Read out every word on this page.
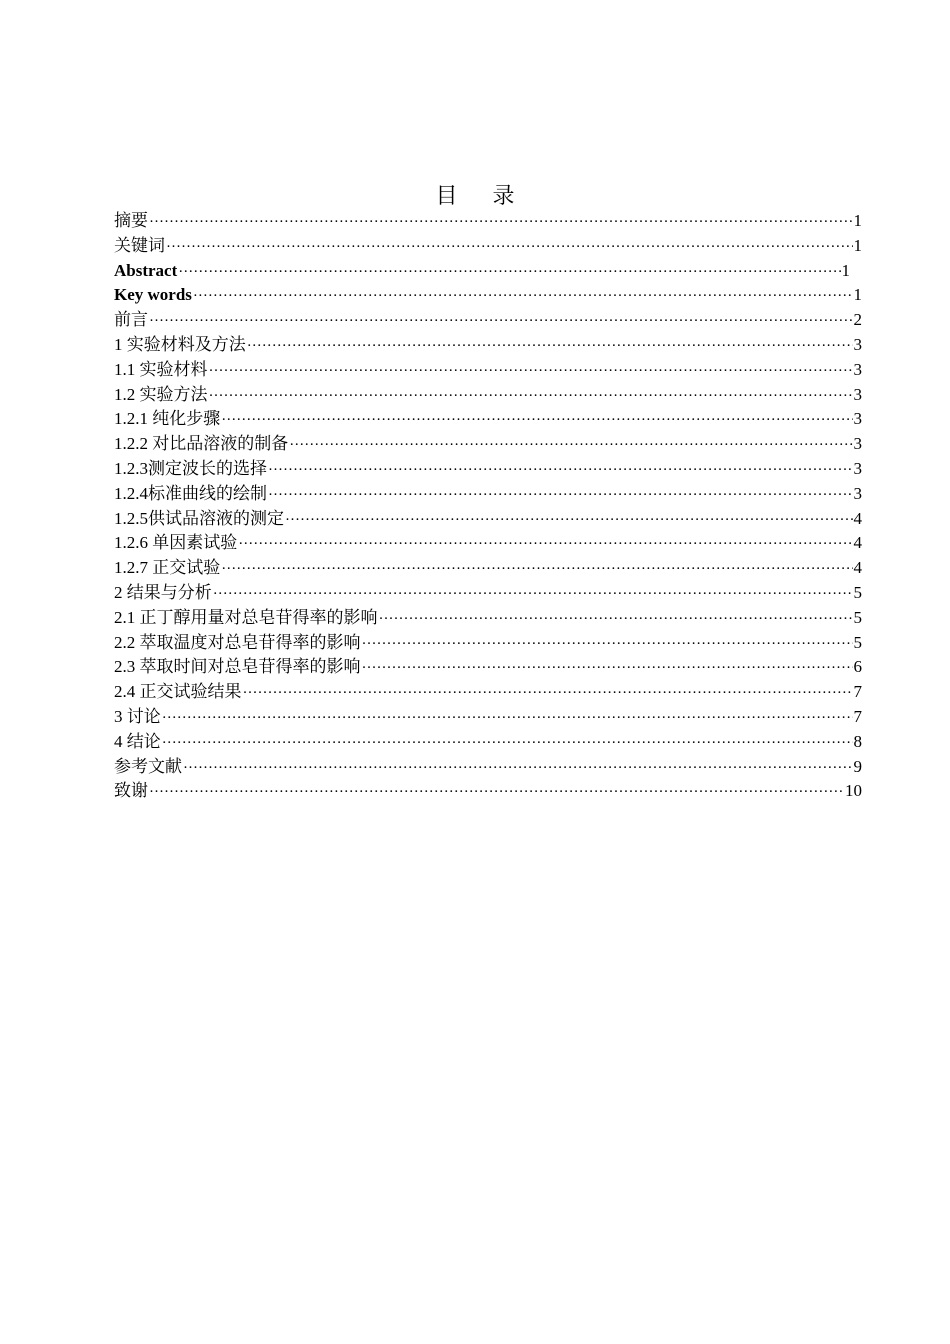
目 录
摘要 ·····	1
关键词 ·····	1
Abstract ·····	1
Key words ·····	1
前言 ·····	2
1 实验材料及方法 ·····	3
1.1 实验材料 ·····	3
1.2 实验方法 ·····	3
1.2.1 纯化步骤 ·····	3
1.2.2 对比品溶液的制备 ·····	3
1.2.3测定波长的选择 ·····	3
1.2.4标准曲线的绘制 ·····	3
1.2.5供试品溶液的测定 ·····	4
1.2.6 单因素试验 ·····	4
1.2.7 正交试验 ·····	4
2 结果与分析 ·····	5
2.1 正丁醇用量对总皂苷得率的影响 ·····	5
2.2 萃取温度对总皂苷得率的影响 ·····	5
2.3 萃取时间对总皂苷得率的影响 ·····	6
2.4 正交试验结果 ·····	7
3 讨论 ·····	7
4 结论 ·····	8
参考文献 ·····	9
致谢 ·····	10
